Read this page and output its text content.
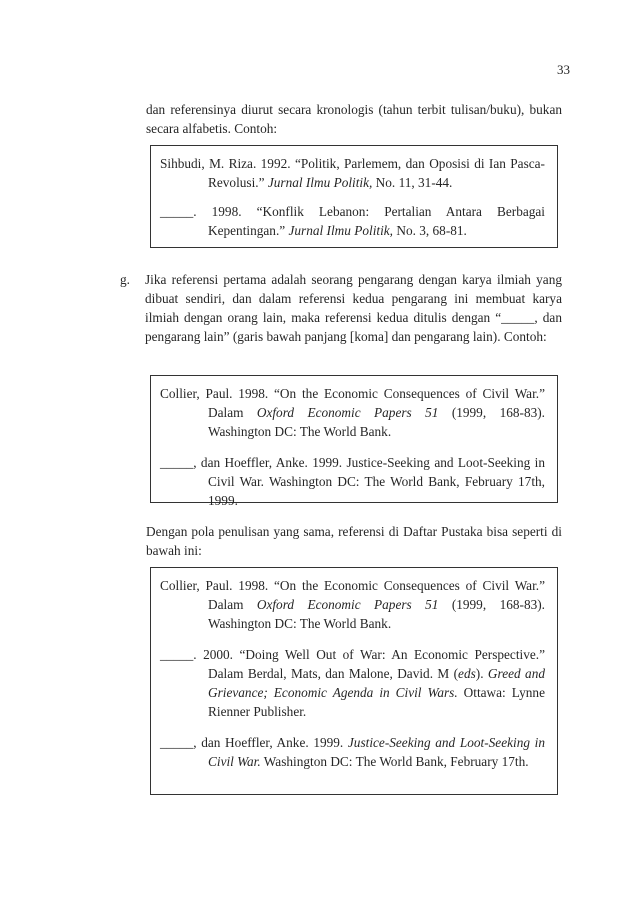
33

dan referensinya diurut secara kronologis (tahun terbit tulisan/buku), bukan secara alfabetis. Contoh:

Sihbudi, M. Riza. 1992. “Politik, Parlemem, dan Oposisi di Ian Pasca-Revolusi.” Jurnal Ilmu Politik, No. 11, 31-44.
_____. 1998. “Konflik Lebanon: Pertalian Antara Berbagai Kepentingan.” Jurnal Ilmu Politik, No. 3, 68-81.
g. Jika referensi pertama adalah seorang pengarang dengan karya ilmiah yang dibuat sendiri, dan dalam referensi kedua pengarang ini membuat karya ilmiah dengan orang lain, maka referensi kedua ditulis dengan “_____, dan pengarang lain” (garis bawah panjang [koma] dan pengarang lain). Contoh:
Collier, Paul. 1998. “On the Economic Consequences of Civil War.” Dalam Oxford Economic Papers 51 (1999, 168-83). Washington DC: The World Bank.
_____, dan Hoeffler, Anke. 1999. Justice-Seeking and Loot-Seeking in Civil War. Washington DC: The World Bank, February 17th, 1999.

Dengan pola penulisan yang sama, referensi di Daftar Pustaka bisa seperti di bawah ini:

Collier, Paul. 1998. “On the Economic Consequences of Civil War.” Dalam Oxford Economic Papers 51 (1999, 168-83). Washington DC: The World Bank.
_____. 2000. “Doing Well Out of War: An Economic Perspective.” Dalam Berdal, Mats, dan Malone, David. M (eds). Greed and Grievance; Economic Agenda in Civil Wars. Ottawa: Lynne Rienner Publisher.
_____, dan Hoeffler, Anke. 1999. Justice-Seeking and Loot-Seeking in Civil War. Washington DC: The World Bank, February 17th.
